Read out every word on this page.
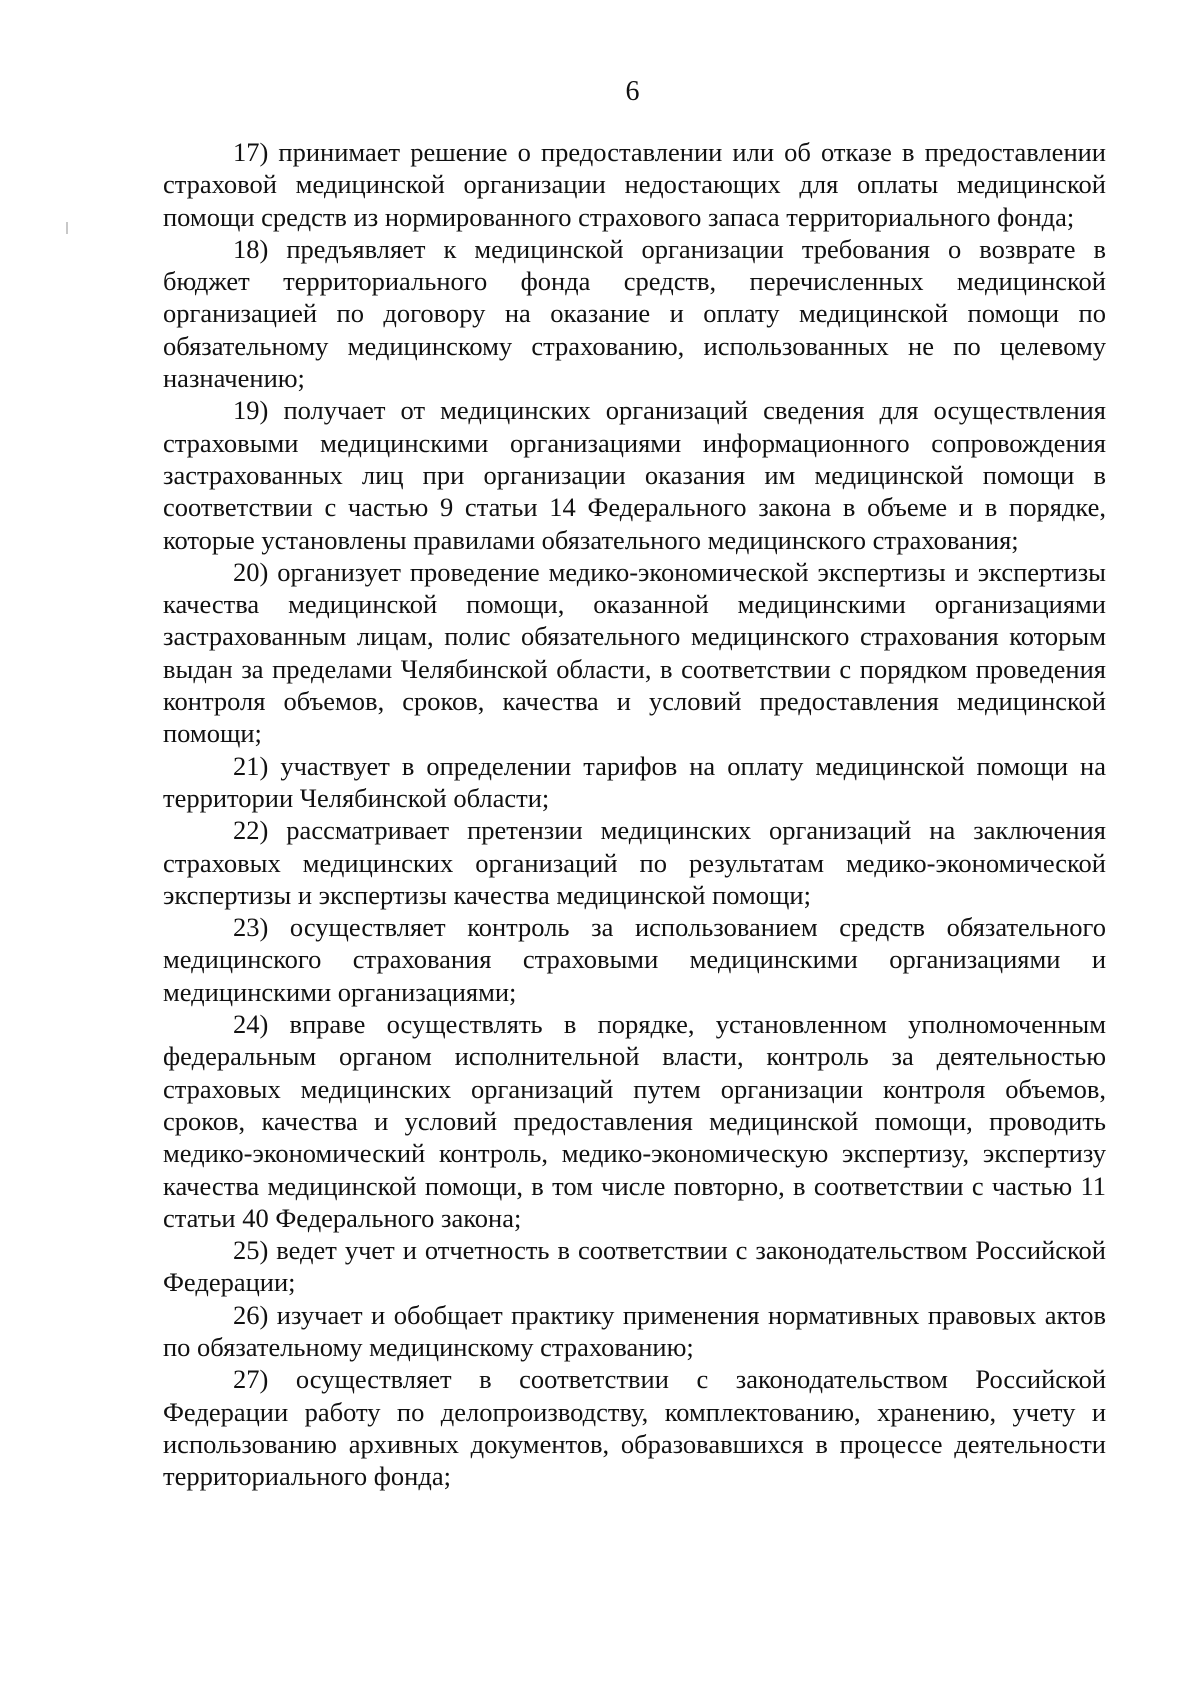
6

17) принимает решение о предоставлении или об отказе в предоставлении страховой медицинской организации недостающих для оплаты медицинской помощи средств из нормированного страхового запаса территориального фонда;

18) предъявляет к медицинской организации требования о возврате в бюджет территориального фонда средств, перечисленных медицинской организацией по договору на оказание и оплату медицинской помощи по обязательному медицинскому страхованию, использованных не по целевому назначению;

19) получает от медицинских организаций сведения для осуществления страховыми медицинскими организациями информационного сопровождения застрахованных лиц при организации оказания им медицинской помощи в соответствии с частью 9 статьи 14 Федерального закона в объеме и в порядке, которые установлены правилами обязательного медицинского страхования;

20) организует проведение медико-экономической экспертизы и экспертизы качества медицинской помощи, оказанной медицинскими организациями застрахованным лицам, полис обязательного медицинского страхования которым выдан за пределами Челябинской области, в соответствии с порядком проведения контроля объемов, сроков, качества и условий предоставления медицинской помощи;

21) участвует в определении тарифов на оплату медицинской помощи на территории Челябинской области;

22) рассматривает претензии медицинских организаций на заключения страховых медицинских организаций по результатам медико-экономической экспертизы и экспертизы качества медицинской помощи;

23) осуществляет контроль за использованием средств обязательного медицинского страхования страховыми медицинскими организациями и медицинскими организациями;

24) вправе осуществлять в порядке, установленном уполномоченным федеральным органом исполнительной власти, контроль за деятельностью страховых медицинских организаций путем организации контроля объемов, сроков, качества и условий предоставления медицинской помощи, проводить медико-экономический контроль, медико-экономическую экспертизу, экспертизу качества медицинской помощи, в том числе повторно, в соответствии с частью 11 статьи 40 Федерального закона;

25) ведет учет и отчетность в соответствии с законодательством Российской Федерации;

26) изучает и обобщает практику применения нормативных правовых актов по обязательному медицинскому страхованию;

27) осуществляет в соответствии с законодательством Российской Федерации работу по делопроизводству, комплектованию, хранению, учету и использованию архивных документов, образовавшихся в процессе деятельности территориального фонда;
